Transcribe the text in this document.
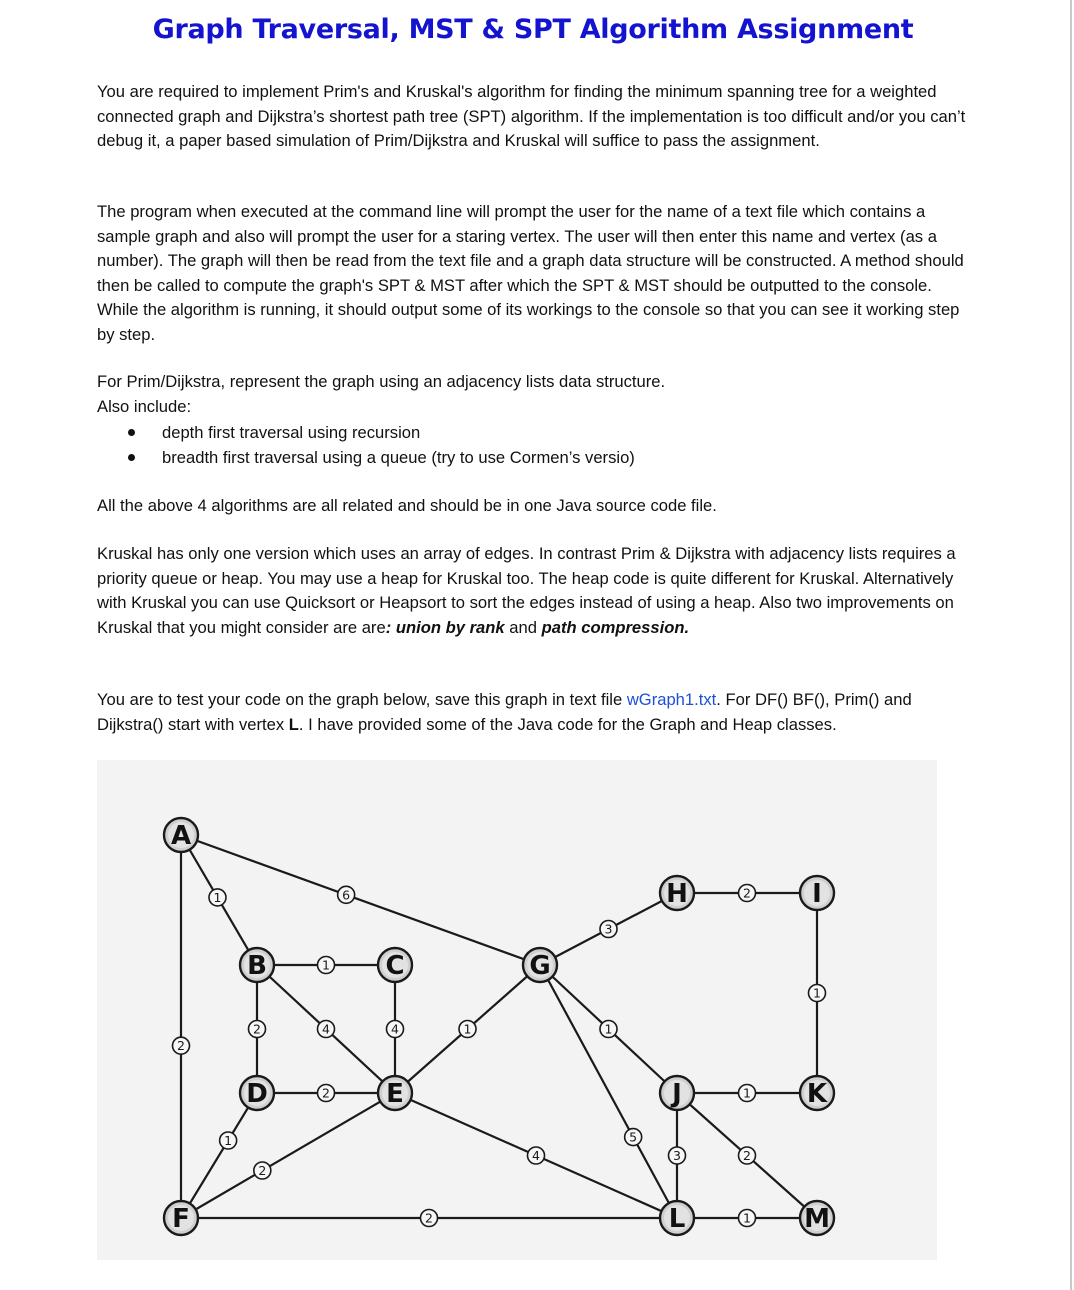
Graph Traversal, MST & SPT Algorithm Assignment

You are required to implement Prim's and Kruskal's algorithm for finding the minimum spanning tree for a weighted connected graph and Dijkstra’s shortest path tree (SPT) algorithm. If the implementation is too difficult and/or you can’t debug it, a paper based simulation of Prim/Dijkstra and Kruskal will suffice to pass the assignment.

The program when executed at the command line will prompt the user for the name of a text file which contains a sample graph and also will prompt the user for a staring vertex. The user will then enter this name and vertex (as a number). The graph will then be read from the text file and a graph data structure will be constructed. A method should then be called to compute the graph's SPT & MST after which the SPT & MST should be outputted to the console. While the algorithm is running, it should output some of its workings to the console so that you can see it working step by step.

For Prim/Dijkstra, represent the graph using an adjacency lists data structure.

Also include:

depth first traversal using recursion
breadth first traversal using a queue (try to use Cormen’s versio)

All the above 4 algorithms are all related and should be in one Java source code file.

Kruskal has only one version which uses an array of edges. In contrast Prim & Dijkstra with adjacency lists requires a priority queue or heap. You may use a heap for Kruskal too. The heap code is quite different for Kruskal. Alternatively with Kruskal you can use Quicksort or Heapsort to sort the edges instead of using a heap. Also two improvements on Kruskal that you might consider are are: union by rank and path compression.

You are to test your code on the graph below, save this graph in text file wGraph1.txt. For DF() BF(), Prim() and Dijkstra() start with vertex L. I have provided some of the Java code for the Graph and Heap classes.

1	6
2
1
2	4	4
2
1
2
1
4
2
3
1
5
2
1
1
3	2
1
A
B	C
D	E
F
G
H	I
J	K
L	M
